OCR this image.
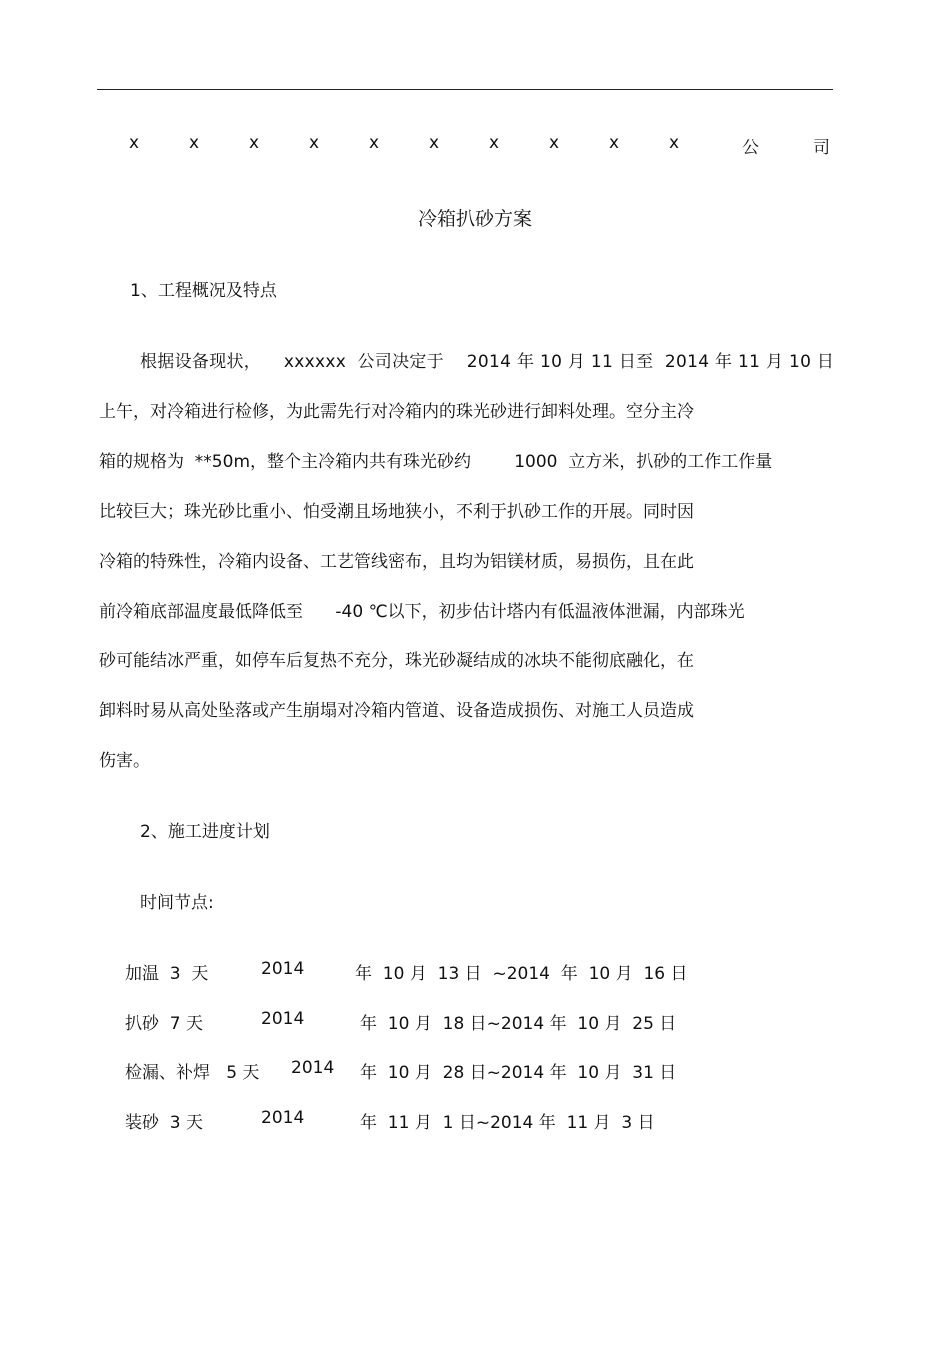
x	x	x	x	x	x	x	x	x	x	公	司
冷箱扒砂方案
1、工程概况及特点
根据设备现状，    xxxxxx  公司决定于    2014 年 10 月 11 日至  2014 年 11 月 10 日
上午，对冷箱进行检修，为此需先行对冷箱内的珠光砂进行卸料处理。空分主冷
箱的规格为  **50m，整个主冷箱内共有珠光砂约        1000  立方米，扒砂的工作工作量
比较巨大；珠光砂比重小、怕受潮且场地狭小，不利于扒砂工作的开展。同时因
冷箱的特殊性，冷箱内设备、工艺管线密布，且均为铝镁材质，易损伤，且在此
前冷箱底部温度最低降低至      -40 ℃以下，初步估计塔内有低温液体泄漏，内部珠光
砂可能结冰严重，如停车后复热不充分，珠光砂凝结成的冰块不能彻底融化，在
卸料时易从高处坠落或产生崩塌对冷箱内管道、设备造成损伤、对施工人员造成
伤害。
2、施工进度计划
时间节点:
加温  3  天	2014	年  10 月  13 日  ~2014  年  10 月  16 日
扒砂  7 天	2014	年  10 月  18 日~2014 年  10 月  25 日
检漏、补焊   5 天 2014 年  10 月  28 日~2014 年  10 月  31 日
装砂  3 天	2014	年  11 月  1 日~2014 年  11 月  3 日
